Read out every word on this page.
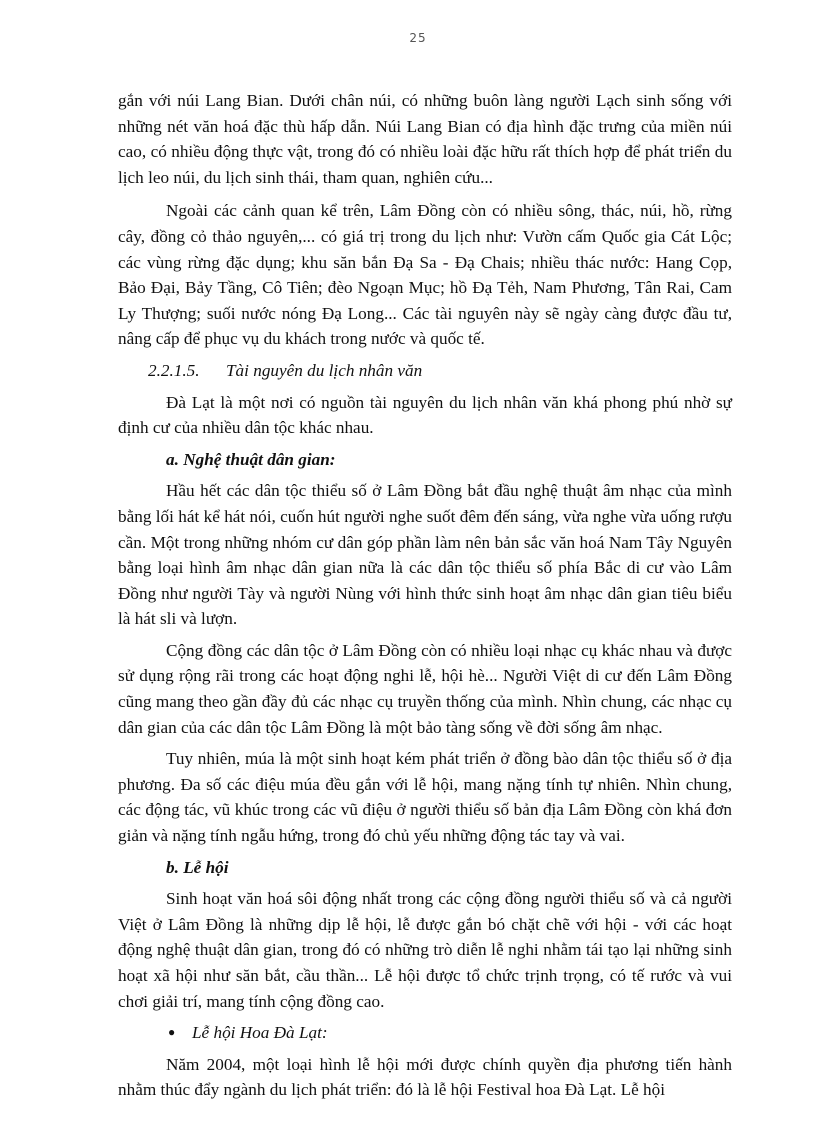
25

gắn với núi Lang Bian. Dưới chân núi, có những buôn làng người Lạch sinh sống với những nét văn hoá đặc thù hấp dẫn. Núi Lang Bian có địa hình đặc trưng của miền núi cao, có nhiều động thực vật, trong đó có nhiều loài đặc hữu rất thích hợp để phát triển du lịch leo núi, du lịch sinh thái, tham quan, nghiên cứu...

Ngoài các cảnh quan kể trên, Lâm Đồng còn có nhiều sông, thác, núi, hồ, rừng cây, đồng cỏ thảo nguyên,... có giá trị trong du lịch như: Vườn cấm Quốc gia Cát Lộc; các vùng rừng đặc dụng; khu săn bắn Đạ Sa - Đạ Chais; nhiều thác nước: Hang Cọp, Bảo Đại, Bảy Tầng, Cô Tiên; đèo Ngoạn Mục; hồ Đạ Tẻh, Nam Phương, Tân Rai, Cam Ly Thượng; suối nước nóng Đạ Long... Các tài nguyên này sẽ ngày càng được đầu tư, nâng cấp để phục vụ du khách trong nước và quốc tế.

2.2.1.5. Tài nguyên du lịch nhân văn

Đà Lạt là một nơi có nguồn tài nguyên du lịch nhân văn khá phong phú nhờ sự định cư của nhiều dân tộc khác nhau.

a. Nghệ thuật dân gian:

Hầu hết các dân tộc thiểu số ở Lâm Đồng bắt đầu nghệ thuật âm nhạc của mình bằng lối hát kể hát nói, cuốn hút người nghe suốt đêm đến sáng, vừa nghe vừa uống rượu cần. Một trong những nhóm cư dân góp phần làm nên bản sắc văn hoá Nam Tây Nguyên bằng loại hình âm nhạc dân gian nữa là các dân tộc thiểu số phía Bắc di cư vào Lâm Đồng như người Tày và người Nùng với hình thức sinh hoạt âm nhạc dân gian tiêu biểu là hát sli và lượn.

Cộng đồng các dân tộc ở Lâm Đồng còn có nhiều loại nhạc cụ khác nhau và được sử dụng rộng rãi trong các hoạt động nghi lễ, hội hè... Người Việt di cư đến Lâm Đồng cũng mang theo gần đầy đủ các nhạc cụ truyền thống của mình. Nhìn chung, các nhạc cụ dân gian của các dân tộc Lâm Đồng là một bảo tàng sống về đời sống âm nhạc.

Tuy nhiên, múa là một sinh hoạt kém phát triển ở đồng bào dân tộc thiểu số ở địa phương. Đa số các điệu múa đều gắn với lễ hội, mang nặng tính tự nhiên. Nhìn chung, các động tác, vũ khúc trong các vũ điệu ở người thiểu số bản địa Lâm Đồng còn khá đơn giản và nặng tính ngẫu hứng, trong đó chủ yếu những động tác tay và vai.

b. Lễ hội

Sinh hoạt văn hoá sôi động nhất trong các cộng đồng người thiểu số và cả người Việt ở Lâm Đồng là những dịp lễ hội, lễ được gắn bó chặt chẽ với hội - với các hoạt động nghệ thuật dân gian, trong đó có những trò diễn lễ nghi nhằm tái tạo lại những sinh hoạt xã hội như săn bắt, cầu thần... Lễ hội được tổ chức trịnh trọng, có tế rước và vui chơi giải trí, mang tính cộng đồng cao.

● Lễ hội Hoa Đà Lạt:

Năm 2004, một loại hình lễ hội mới được chính quyền địa phương tiến hành nhằm thúc đẩy ngành du lịch phát triển: đó là lễ hội Festival hoa Đà Lạt. Lễ hội
